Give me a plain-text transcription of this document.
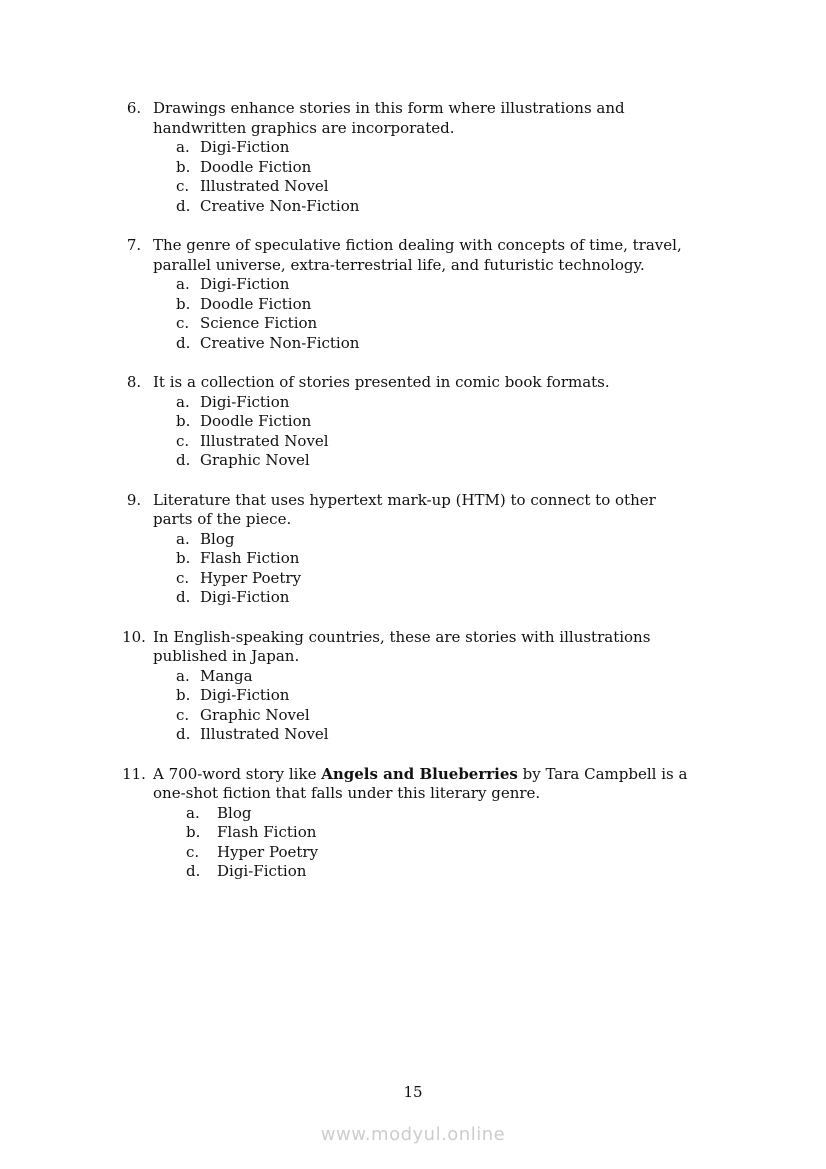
6. Drawings enhance stories in this form where illustrations and
handwritten graphics are incorporated.
a. Digi-Fiction
b. Doodle Fiction
c. Illustrated Novel
d. Creative Non-Fiction
7. The genre of speculative fiction dealing with concepts of time, travel,
parallel universe, extra-terrestrial life, and futuristic technology.
a. Digi-Fiction
b. Doodle Fiction
c. Science Fiction
d. Creative Non-Fiction
8. It is a collection of stories presented in comic book formats.
a. Digi-Fiction
b. Doodle Fiction
c. Illustrated Novel
d. Graphic Novel
9. Literature that uses hypertext mark-up (HTM) to connect to other
parts of the piece.
a. Blog
b. Flash Fiction
c. Hyper Poetry
d. Digi-Fiction
10. In English-speaking countries, these are stories with illustrations
published in Japan.
a. Manga
b. Digi-Fiction
c. Graphic Novel
d. Illustrated Novel
11. A 700-word story like Angels and Blueberries by Tara Campbell is a
one-shot fiction that falls under this literary genre.
a.	Blog
b.	Flash Fiction
c.	Hyper Poetry
d.	Digi-Fiction
15
www.modyul.online
